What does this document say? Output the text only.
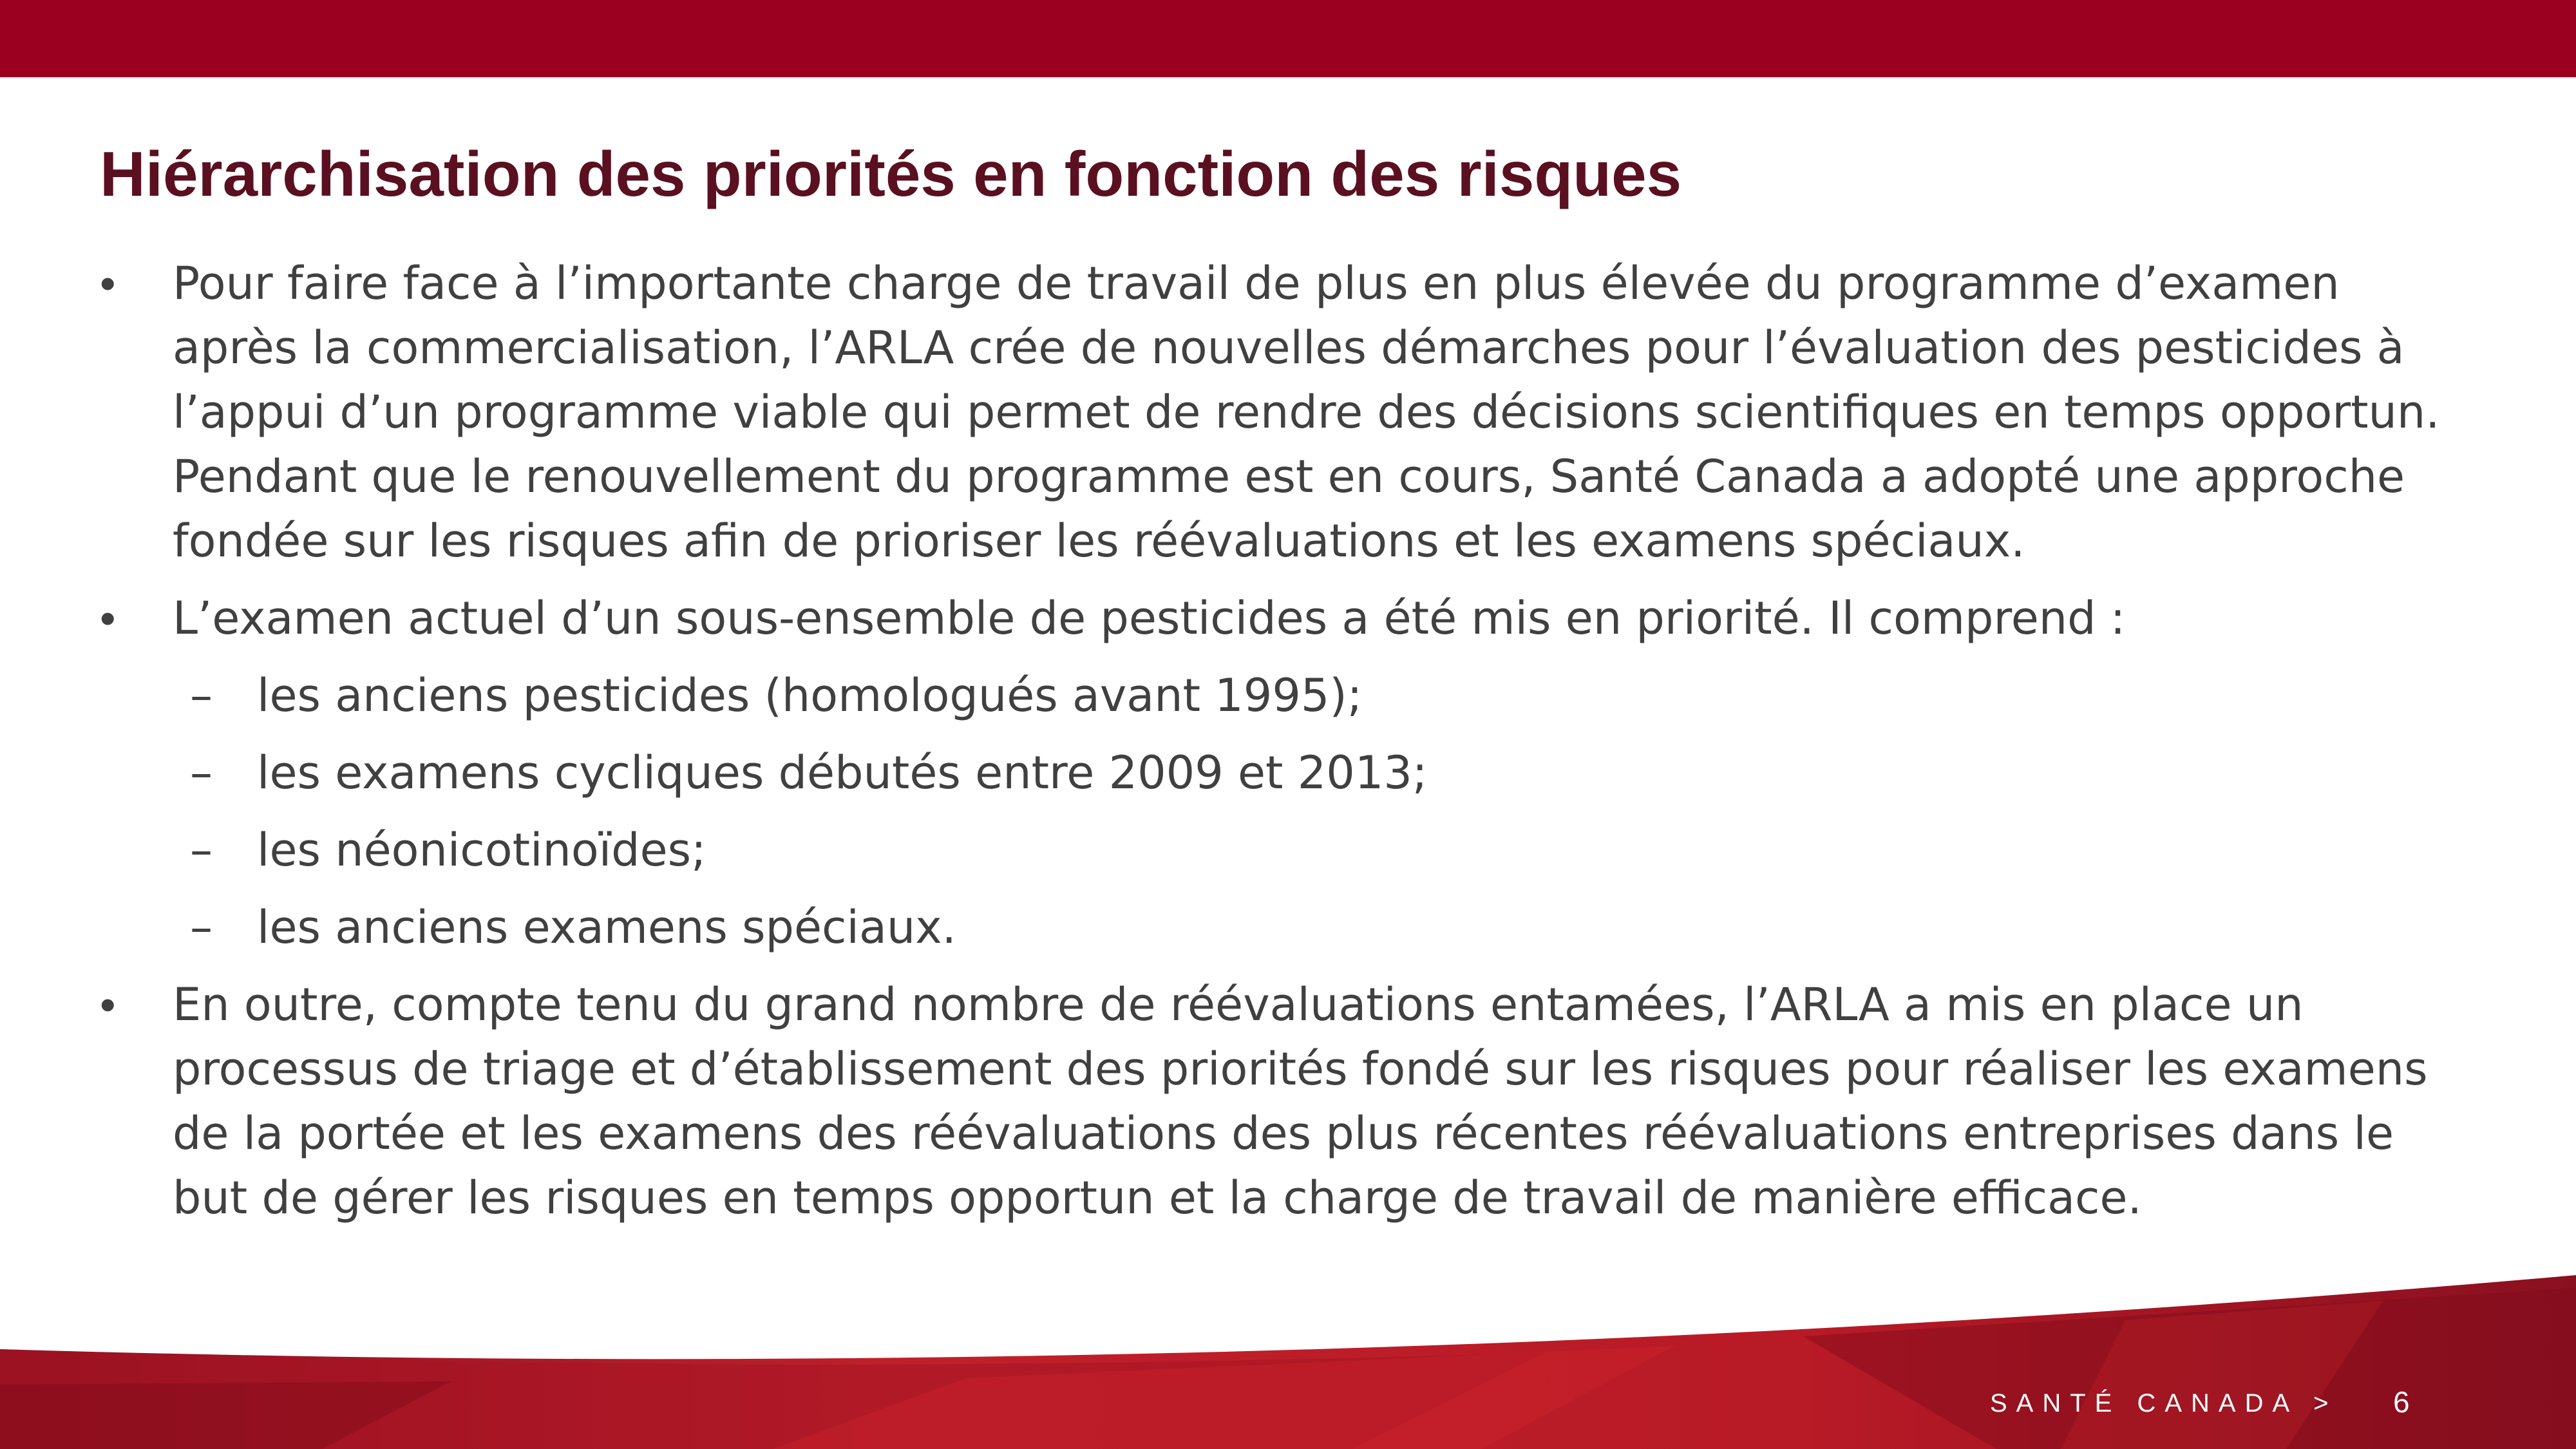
Hiérarchisation des priorités en fonction des risques
•	Pour faire face à l’importante charge de travail de plus en plus élevée du programme d’examen
après la commercialisation, l’ARLA crée de nouvelles démarches pour l’évaluation des pesticides à
l’appui d’un programme viable qui permet de rendre des décisions scientifiques en temps opportun.
Pendant que le renouvellement du programme est en cours, Santé Canada a adopté une approche
fondée sur les risques afin de prioriser les réévaluations et les examens spéciaux.
•	L’examen actuel d’un sous-ensemble de pesticides a été mis en priorité. Il comprend :
– les anciens pesticides (homologués avant 1995);
– les examens cycliques débutés entre 2009 et 2013;
– les néonicotinoïdes;
– les anciens examens spéciaux.
•	En outre, compte tenu du grand nombre de réévaluations entamées, l’ARLA a mis en place un
processus de triage et d’établissement des priorités fondé sur les risques pour réaliser les examens
de la portée et les examens des réévaluations des plus récentes réévaluations entreprises dans le
but de gérer les risques en temps opportun et la charge de travail de manière efficace.
SANTÉ CANADA > 6
